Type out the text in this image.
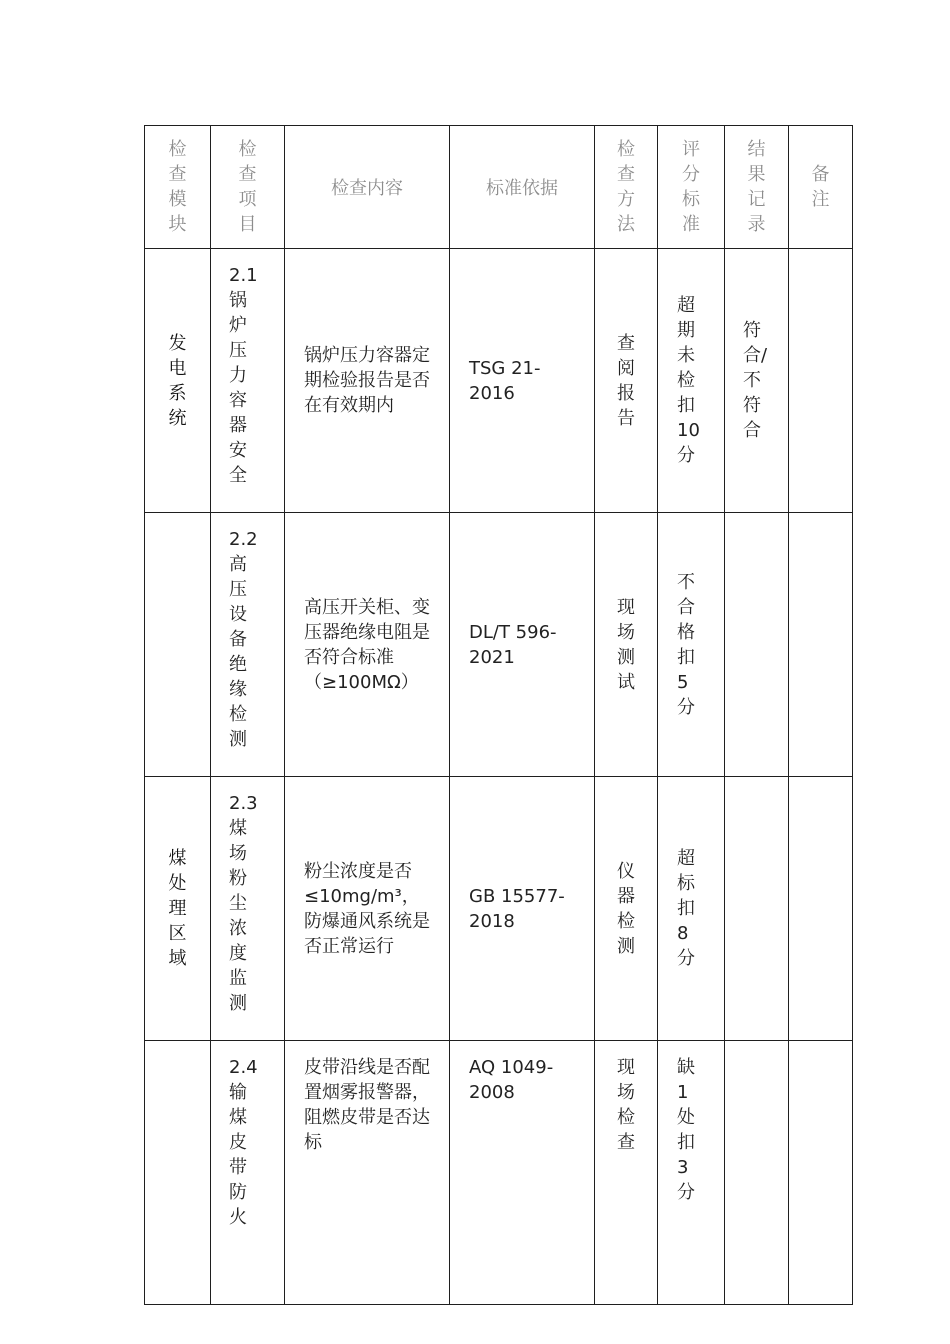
检查模块	检查项目	检查内容	标准依据	检查方法	评分标准	结果记录	备注

发电系统	2.1锅炉压力容器安全	锅炉压力容器定期检验报告是否在有效期内	TSG 21-2016	查阅报告	超期未检扣10分	符合/不符合	

	2.2高压设备绝缘检测	高压开关柜、变压器绝缘电阻是否符合标准（≥100MΩ）	DL/T 596-2021	现场测试	不合格扣5分		

煤处理区域	2.3煤场粉尘浓度监测	粉尘浓度是否≤10mg/m³，防爆通风系统是否正常运行	GB 15577-2018	仪器检测	超标扣8分		

	2.4输煤皮带防火	皮带沿线是否配置烟雾报警器，阻燃皮带是否达标	AQ 1049-2008	现场检查	缺1处扣3分		
